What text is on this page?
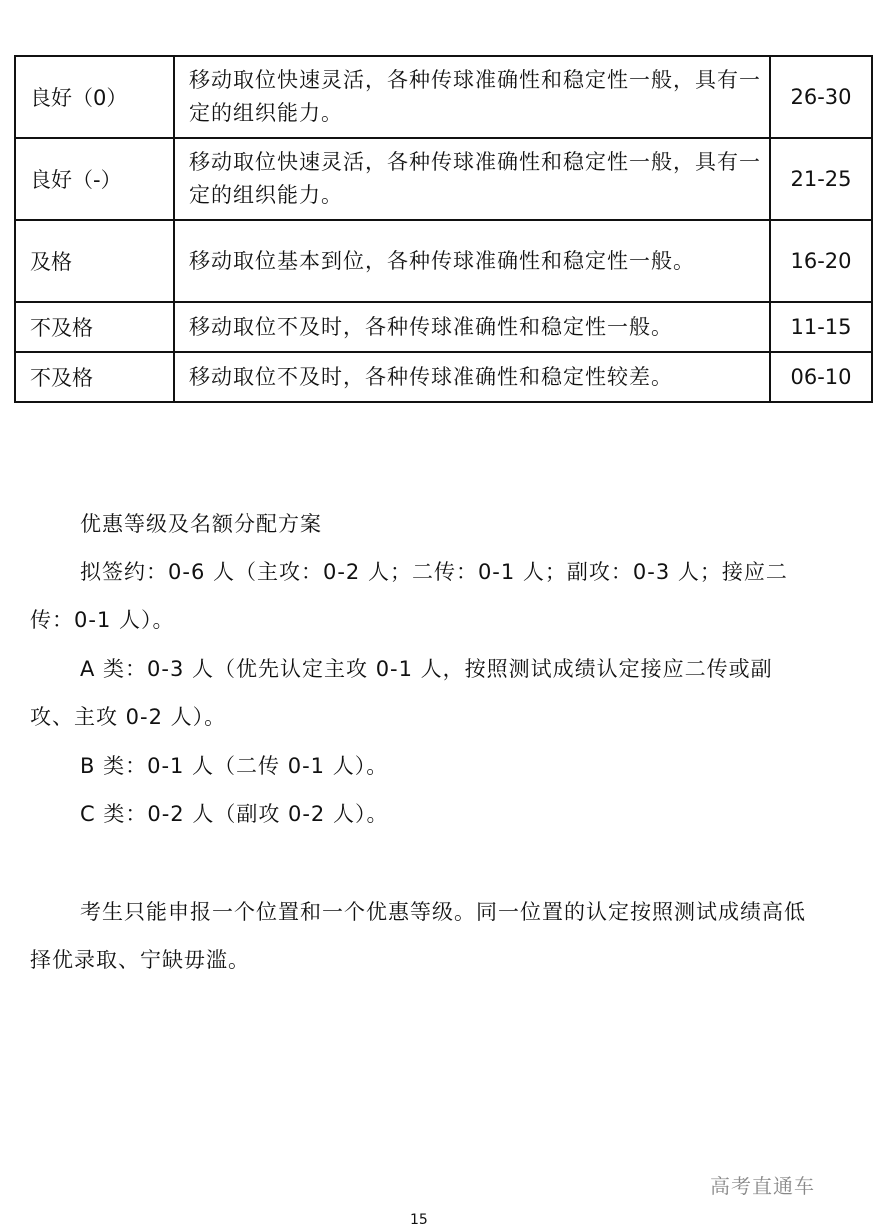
良好（0）	移动取位快速灵活，各种传球准确性和稳定性一般，具有一定的组织能力。	26-30
良好（-）	移动取位快速灵活，各种传球准确性和稳定性一般，具有一定的组织能力。	21-25
及格	移动取位基本到位，各种传球准确性和稳定性一般。	16-20
不及格	移动取位不及时，各种传球准确性和稳定性一般。	11-15
不及格	移动取位不及时，各种传球准确性和稳定性较差。	06-10

优惠等级及名额分配方案

拟签约：0-6 人（主攻：0-2 人；二传：0-1 人；副攻：0-3 人；接应二传：0-1 人）。

A 类：0-3 人（优先认定主攻 0-1 人，按照测试成绩认定接应二传或副攻、主攻 0-2 人）。

B 类：0-1 人（二传 0-1 人）。

C 类：0-2 人（副攻 0-2 人）。

考生只能申报一个位置和一个优惠等级。同一位置的认定按照测试成绩高低择优录取、宁缺毋滥。

高考直通车
15
